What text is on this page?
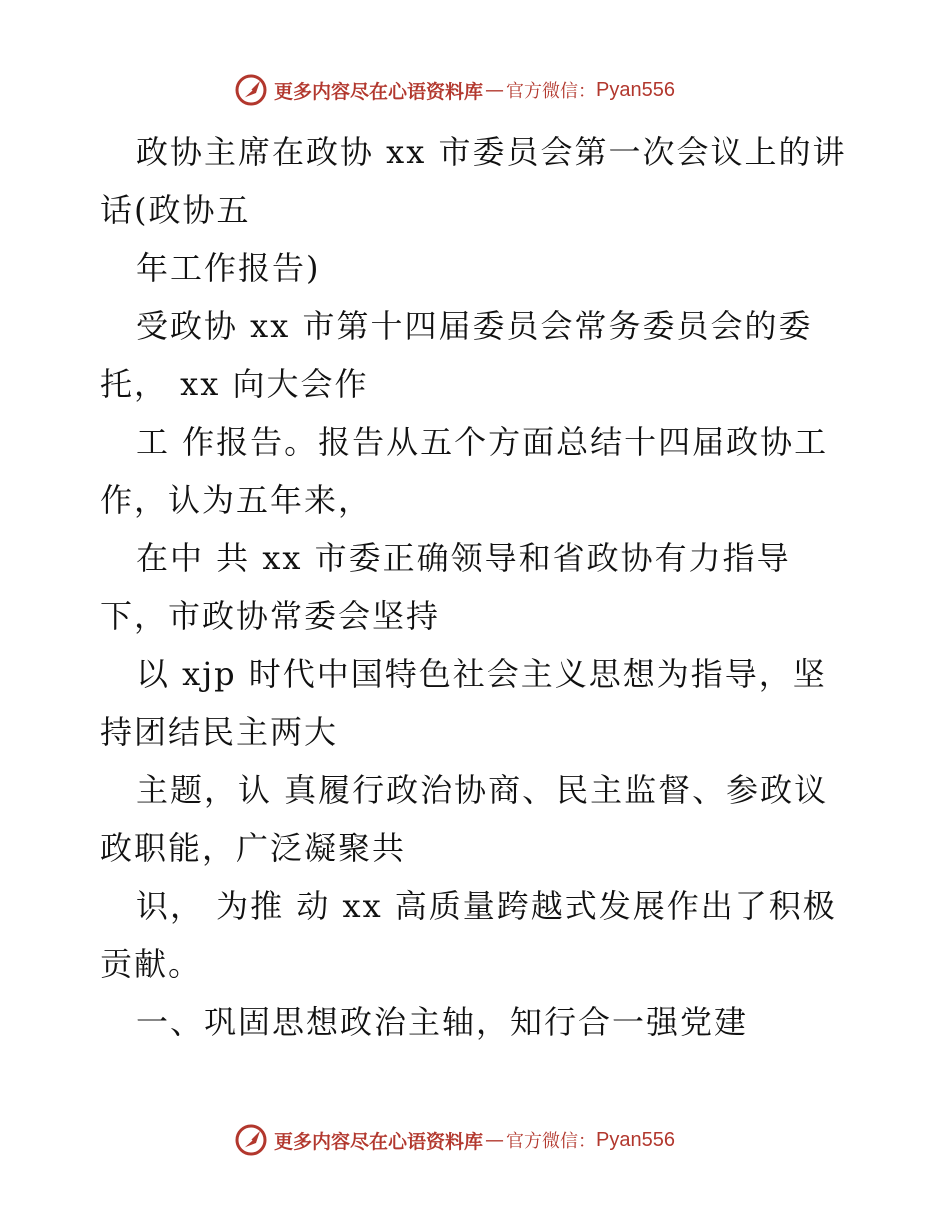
更多内容尽在心语资料库 — 官方微信： Pyan556
政协主席在政协 xx 市委员会第一次会议上的讲
话(政协五
年工作报告)
受政协 xx 市第十四届委员会常务委员会的委
托， xx 向大会作
工 作报告。报告从五个方面总结十四届政协工
作，认为五年来，
在中 共 xx 市委正确领导和省政协有力指导
下，市政协常委会坚持
以 xjp 时代中国特色社会主义思想为指导，坚
持团结民主两大
主题，认 真履行政治协商、民主监督、参政议
政职能，广泛凝聚共
识， 为推 动 xx 高质量跨越式发展作出了积极
贡献。
一、巩固思想政治主轴，知行合一强党建
更多内容尽在心语资料库 — 官方微信： Pyan556
